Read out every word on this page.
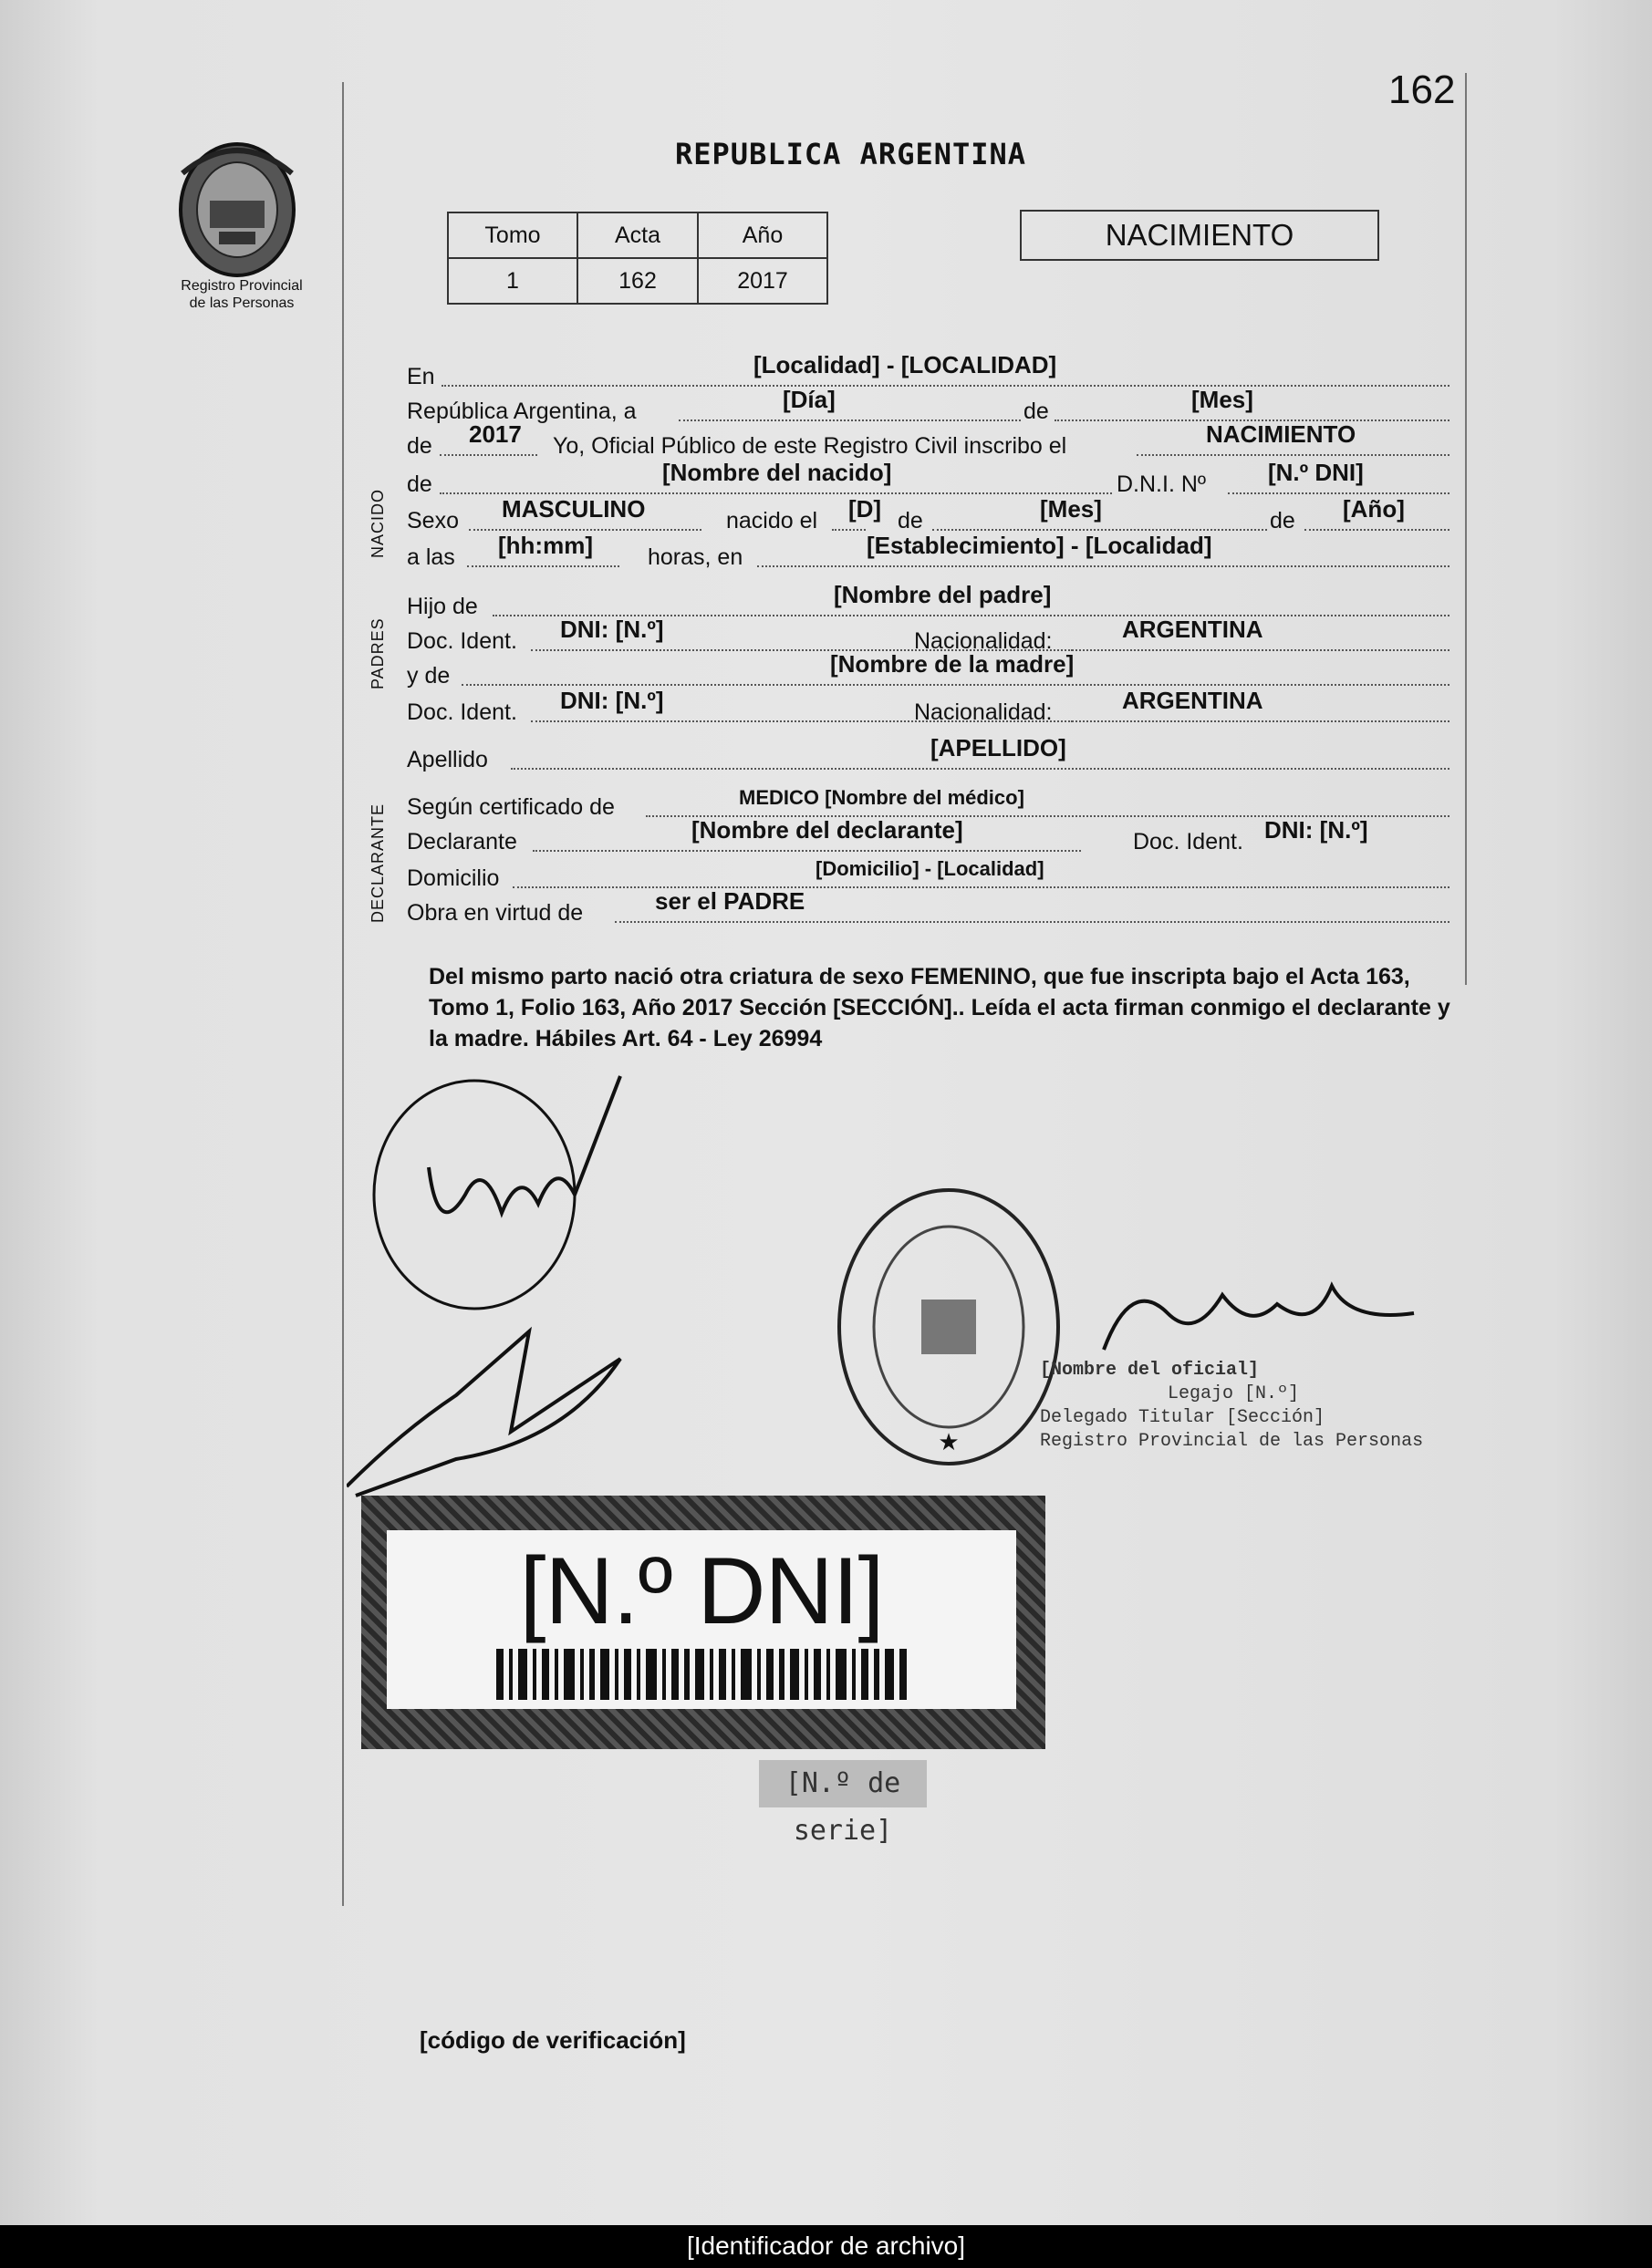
162
Registro Provincial
de las Personas
REPUBLICA ARGENTINA
Tomo	Acta	Año
1	162	2017
NACIMIENTO
En	[Localidad] - [LOCALIDAD]
República Argentina, a	[Día]	de	[Mes]
de 2017 Yo, Oficial Público de este Registro Civil inscribo el	NACIMIENTO
NACIDO
PADRES
DECLARANTE
de	[Nombre del nacido]	D.N.I. Nº	[N.º DNI]
Sexo MASCULINO	nacido el [D] de	[Mes]	de [Año]
a las [hh:mm] horas, en	[Establecimiento] - [Localidad]
Hijo de	[Nombre del padre]
Doc. Ident. DNI: [N.º]	Nacionalidad:	ARGENTINA
y de	[Nombre de la madre]
Doc. Ident. DNI: [N.º]	Nacionalidad:	ARGENTINA
Apellido	[APELLIDO]
Según certificado de	MEDICO [Nombre del médico]
Declarante	[Nombre del declarante]	Doc. Ident. DNI: [N.º]
Domicilio	[Domicilio] - [Localidad]
Obra en virtud de	ser el PADRE
Del mismo parto nació otra criatura de sexo FEMENINO, que fue inscripta bajo el Acta 163, Tomo 1, Folio 163, Año 2017 Sección [SECCIÓN].. Leída el acta firman conmigo el declarante y la madre. Hábiles Art. 64 - Ley 26994
★
[Nombre del oficial]
Legajo [N.º]
Delegado Titular [Sección]
Registro Provincial de las Personas
[N.º DNI]
[N.º de serie]
[código de verificación]
[Identificador de archivo]
